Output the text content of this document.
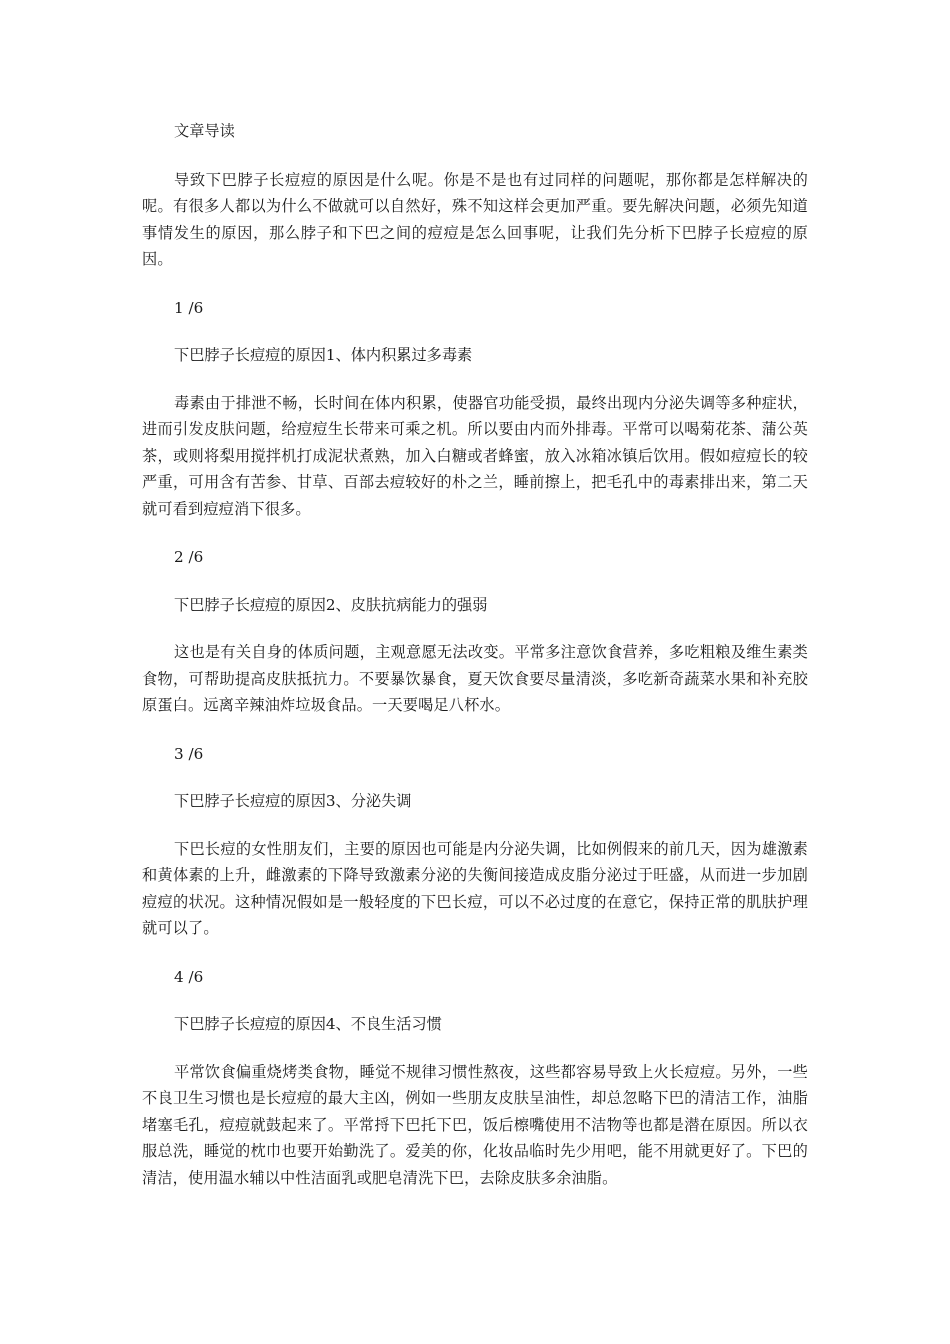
文章导读

导致下巴脖子长痘痘的原因是什么呢。你是不是也有过同样的问题呢，那你都是怎样解决的呢。有很多人都以为什么不做就可以自然好，殊不知这样会更加严重。要先解决问题，必须先知道事情发生的原因，那么脖子和下巴之间的痘痘是怎么回事呢，让我们先分析下巴脖子长痘痘的原因。

1 /6

下巴脖子长痘痘的原因1、体内积累过多毒素

毒素由于排泄不畅，长时间在体内积累，使器官功能受损，最终出现内分泌失调等多种症状，进而引发皮肤问题，给痘痘生长带来可乘之机。所以要由内而外排毒。平常可以喝菊花茶、蒲公英茶，或则将梨用搅拌机打成泥状煮熟，加入白糖或者蜂蜜，放入冰箱冰镇后饮用。假如痘痘长的较严重，可用含有苦参、甘草、百部去痘较好的朴之兰，睡前擦上，把毛孔中的毒素排出来，第二天就可看到痘痘消下很多。

2 /6

下巴脖子长痘痘的原因2、皮肤抗病能力的强弱

这也是有关自身的体质问题，主观意愿无法改变。平常多注意饮食营养，多吃粗粮及维生素类食物，可帮助提高皮肤抵抗力。不要暴饮暴食，夏天饮食要尽量清淡，多吃新奇蔬菜水果和补充胶原蛋白。远离辛辣油炸垃圾食品。一天要喝足八杯水。

3 /6

下巴脖子长痘痘的原因3、分泌失调

下巴长痘的女性朋友们，主要的原因也可能是内分泌失调，比如例假来的前几天，因为雄激素和黄体素的上升，雌激素的下降导致激素分泌的失衡间接造成皮脂分泌过于旺盛，从而进一步加剧痘痘的状况。这种情况假如是一般轻度的下巴长痘，可以不必过度的在意它，保持正常的肌肤护理就可以了。

4 /6

下巴脖子长痘痘的原因4、不良生活习惯

平常饮食偏重烧烤类食物，睡觉不规律习惯性熬夜，这些都容易导致上火长痘痘。另外，一些不良卫生习惯也是长痘痘的最大主凶，例如一些朋友皮肤呈油性，却总忽略下巴的清洁工作，油脂堵塞毛孔，痘痘就鼓起来了。平常捋下巴托下巴，饭后檫嘴使用不洁物等也都是潜在原因。所以衣服总洗，睡觉的枕巾也要开始勤洗了。爱美的你，化妆品临时先少用吧，能不用就更好了。下巴的清洁，使用温水辅以中性洁面乳或肥皂清洗下巴，去除皮肤多余油脂。
